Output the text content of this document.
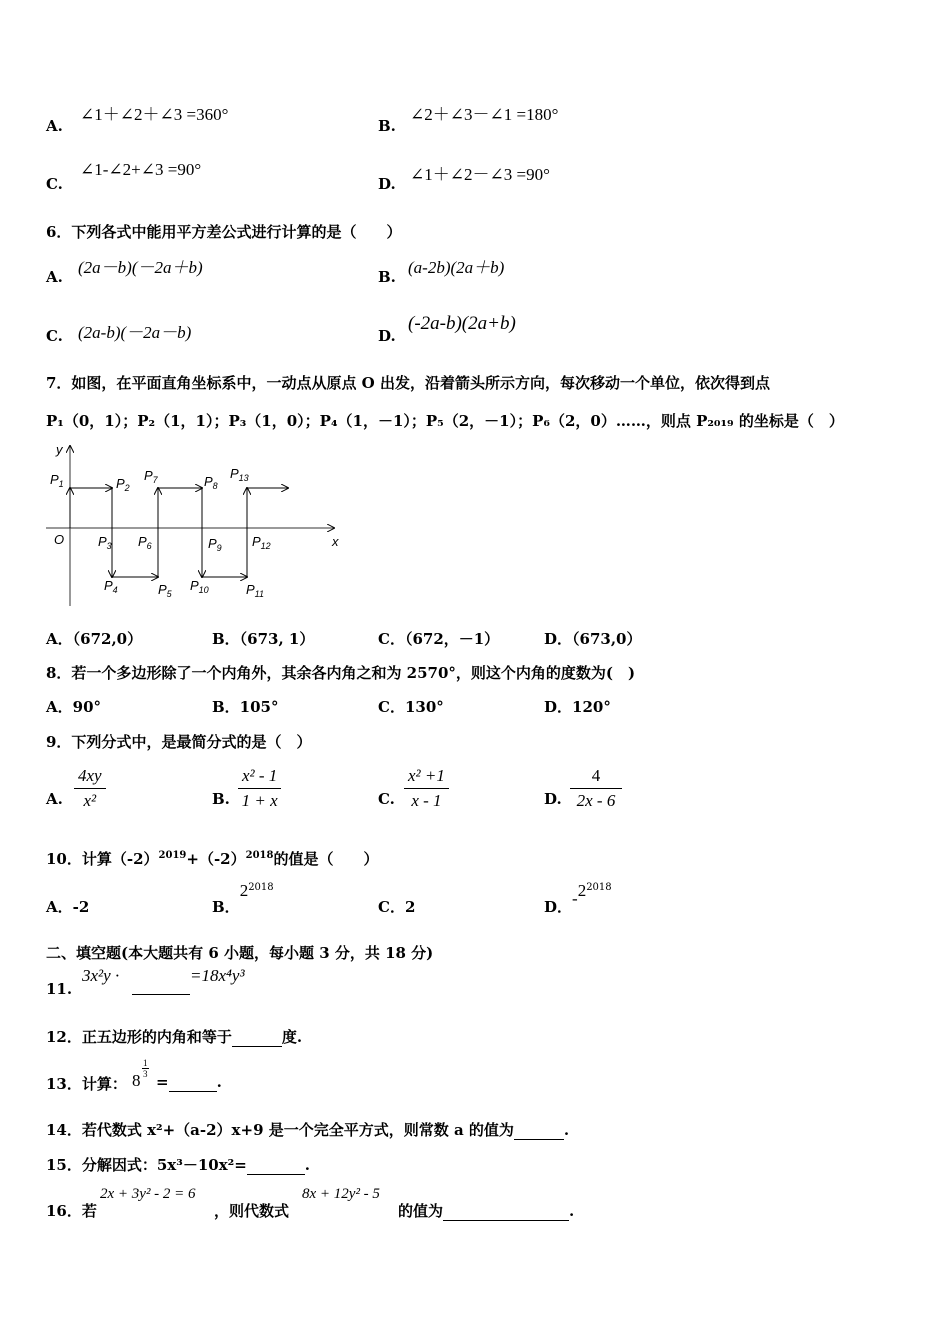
A.
∠1＋∠2＋∠3 =360°
B.
∠2＋∠3－∠1 =180°
C.
∠1-∠2+∠3 =90°
D. ∠1＋∠2－∠3 =90°
6．下列各式中能用平方差公式进行计算的是（　　）
A. (2a－b)(－2a＋b)	B. (a-2b)(2a＋b)
C. (2a-b)(－2a－b)	D.
(-2a-b)(2a+b)
7．如图，在平面直角坐标系中，一动点从原点 O 出发，沿着箭头所示方向，每次移动一个单位，依次得到点
P₁（0，1）；P₂（1，1）；P₃（1，0）；P₄（1，－1）；P₅（2，－1）；P₆（2，0）……，则点 P₂₀₁₉ 的坐标是（　）
x
y
O
$P_1$	$P_2$
$P_3$
$P_4$	$P_5$
$P_6$
$P_7$	$P_8$
$P_9$
$P_{10}$	$P_{11}$
$P_{12}$
$P_{13}$
A．（672,0）	B．（673, 1）	C．（672，－1）	D．（673,0）
8．若一个多边形除了一个内角外，其余各内角之和为 2570°，则这个内角的度数为(　)
A．90°	B．105°	C．130°	D．120°
9．下列分式中，是最简分式的是（　）
A. $\frac{4xy}{\text{x²}}$	B. $\frac{\text{x² - 1}}{1 + x}$	C. $\frac{\text{x² +1}}{x - 1}$	D. $\frac{4}{2x - 6}$
10．计算$(-2)^{2019}+(-2)^{2018}$的值是（　　）
A．-2	B．$2^{2018}$
C．2	D．$-2^{2018}$
二、填空题(本大题共有 6 小题，每小题 3 分，共 18 分)
11.
3x²y ·	=18x⁴y³
12．正五边形的内角和等于	度.
13．计算： 8
1
3 =	.
14．若代数式 x²+（a-2）x+9 是一个完全平方式，则常数 a 的值为	.
15．分解因式：5x³－10x²=	.
16．若
2x + 3y² - 2 = 6
，则代数式
8x + 12y² - 5
的值为	.
